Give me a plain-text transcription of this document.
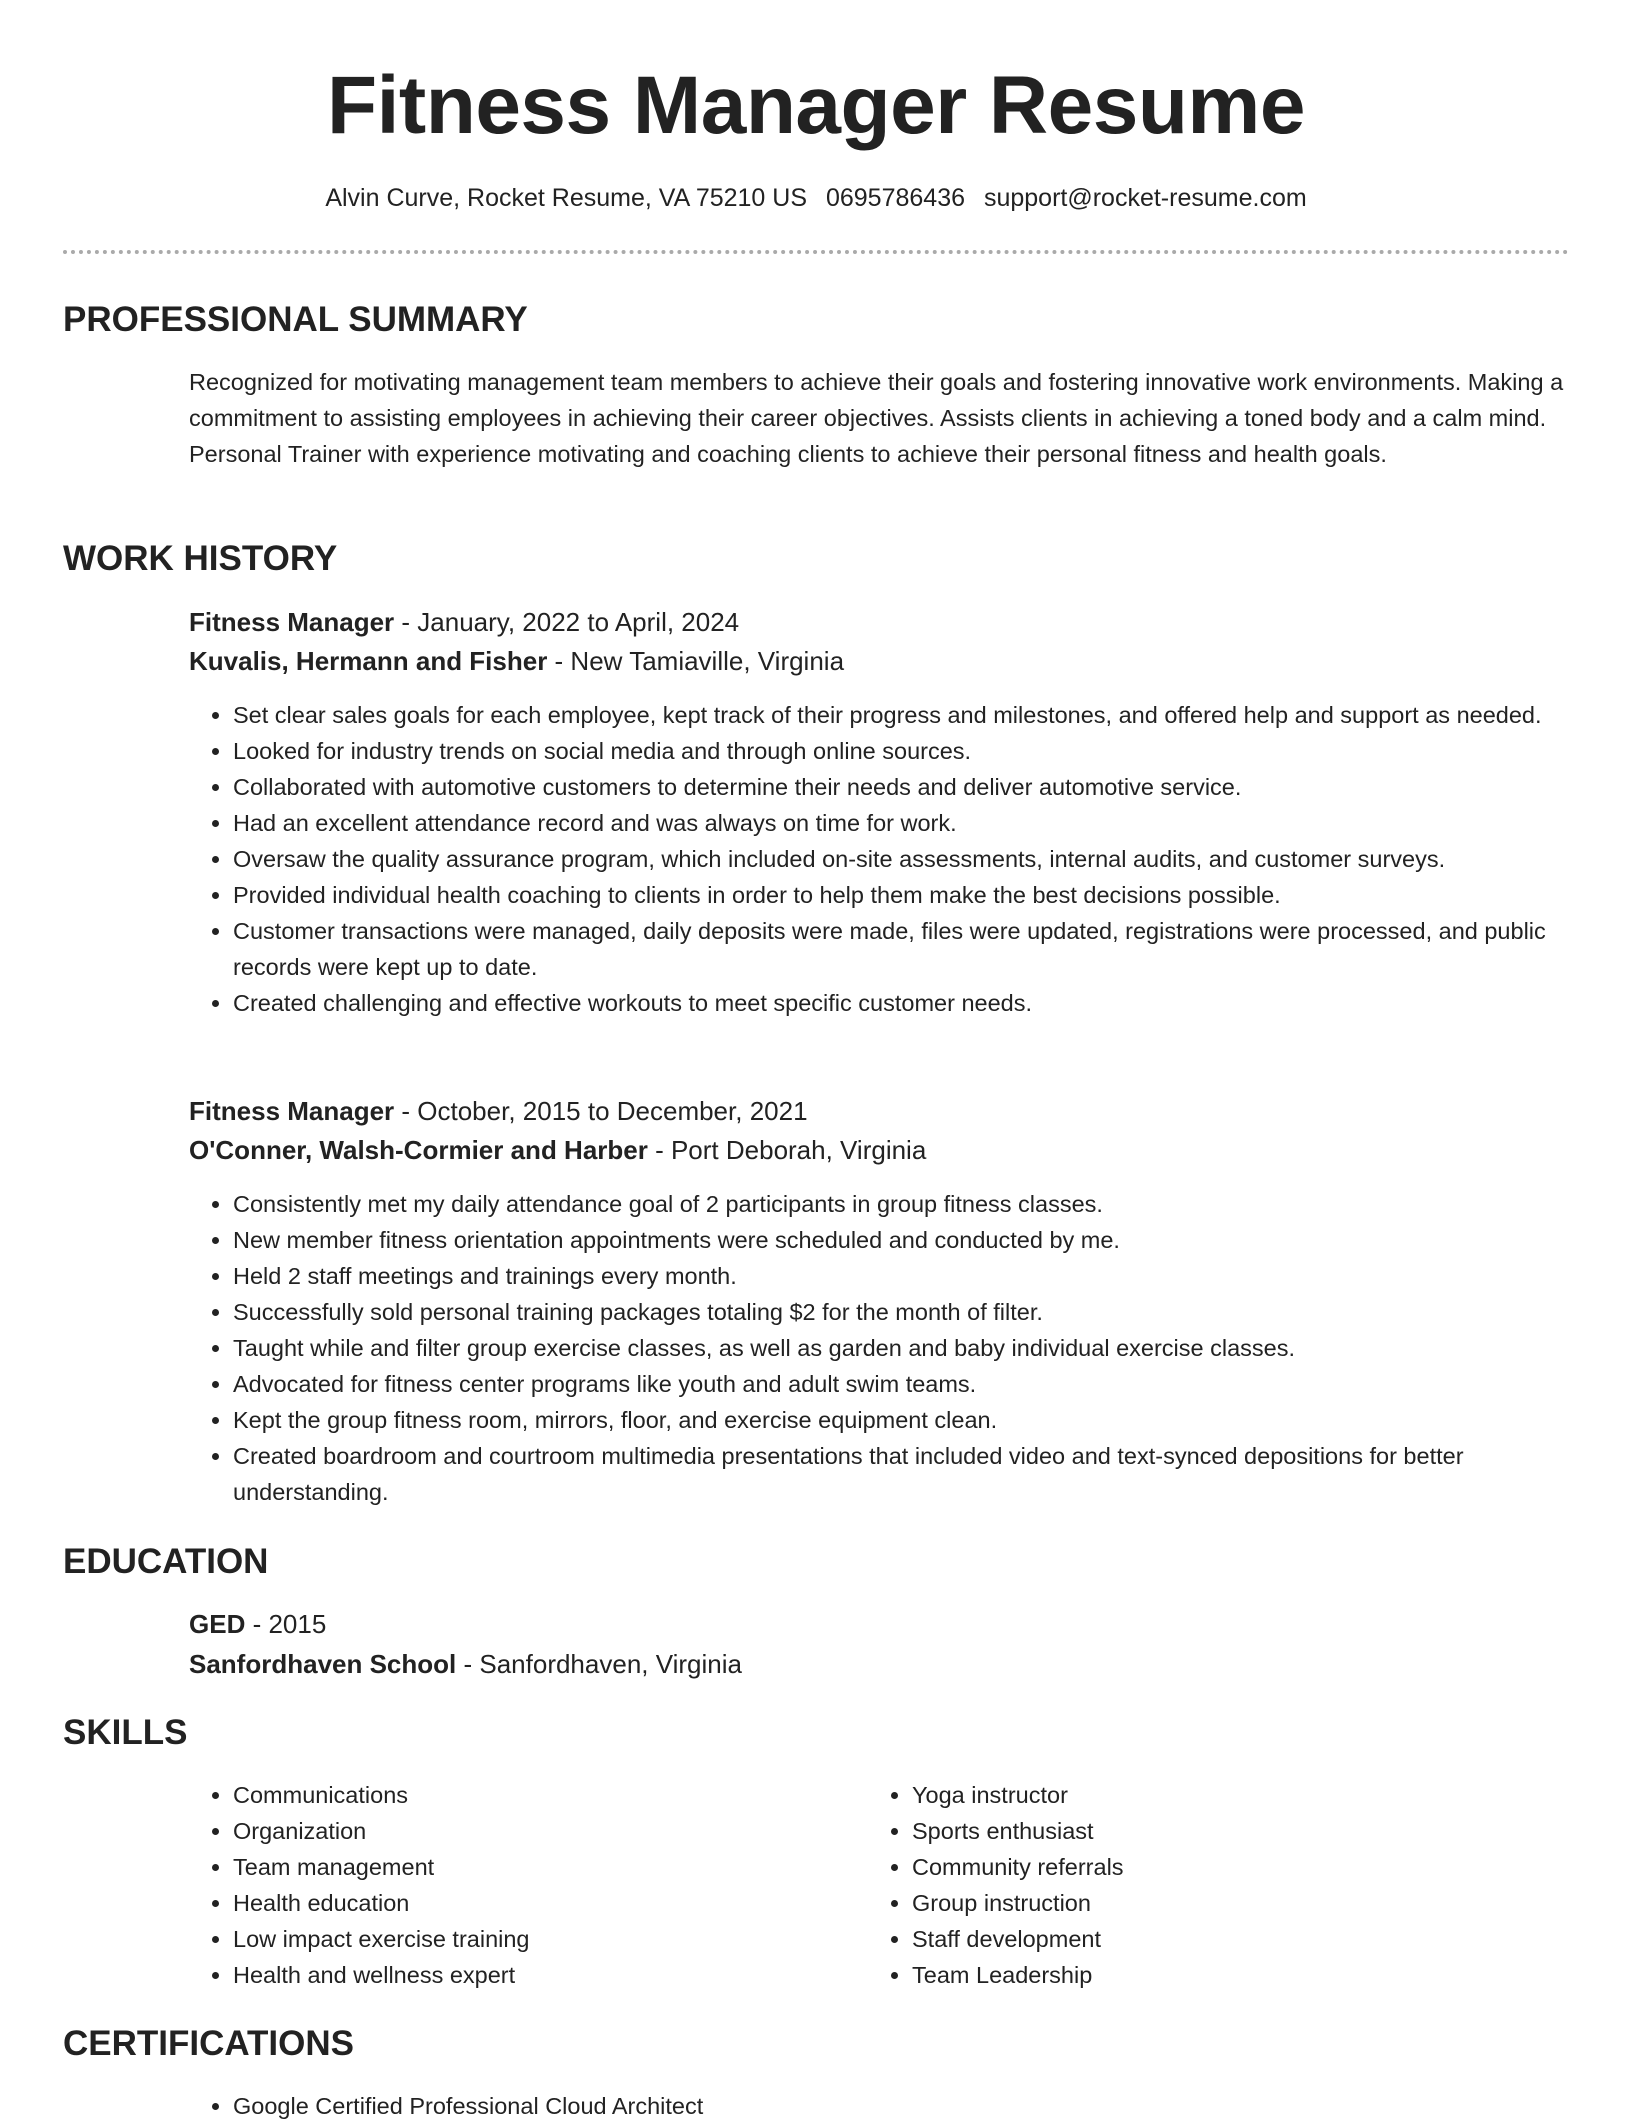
Fitness Manager Resume
Alvin Curve, Rocket Resume, VA 75210 US 0695786436 support@rocket-resume.com
PROFESSIONAL SUMMARY
Recognized for motivating management team members to achieve their goals and fostering innovative work environments. Making a commitment to assisting employees in achieving their career objectives. Assists clients in achieving a toned body and a calm mind. Personal Trainer with experience motivating and coaching clients to achieve their personal fitness and health goals.
WORK HISTORY
Fitness Manager - January, 2022 to April, 2024
Kuvalis, Hermann and Fisher - New Tamiaville, Virginia
• Set clear sales goals for each employee, kept track of their progress and milestones, and offered help and support as needed.
• Looked for industry trends on social media and through online sources.
• Collaborated with automotive customers to determine their needs and deliver automotive service.
• Had an excellent attendance record and was always on time for work.
• Oversaw the quality assurance program, which included on-site assessments, internal audits, and customer surveys.
• Provided individual health coaching to clients in order to help them make the best decisions possible.
• Customer transactions were managed, daily deposits were made, files were updated, registrations were processed, and public records were kept up to date.
• Created challenging and effective workouts to meet specific customer needs.
Fitness Manager - October, 2015 to December, 2021
O'Conner, Walsh-Cormier and Harber - Port Deborah, Virginia
• Consistently met my daily attendance goal of 2 participants in group fitness classes.
• New member fitness orientation appointments were scheduled and conducted by me.
• Held 2 staff meetings and trainings every month.
• Successfully sold personal training packages totaling $2 for the month of filter.
• Taught while and filter group exercise classes, as well as garden and baby individual exercise classes.
• Advocated for fitness center programs like youth and adult swim teams.
• Kept the group fitness room, mirrors, floor, and exercise equipment clean.
• Created boardroom and courtroom multimedia presentations that included video and text-synced depositions for better understanding.
EDUCATION
GED - 2015
Sanfordhaven School - Sanfordhaven, Virginia
SKILLS
• Communications
• Organization
• Team management
• Health education
• Low impact exercise training
• Health and wellness expert
• Yoga instructor
• Sports enthusiast
• Community referrals
• Group instruction
• Staff development
• Team Leadership
CERTIFICATIONS
• Google Certified Professional Cloud Architect
